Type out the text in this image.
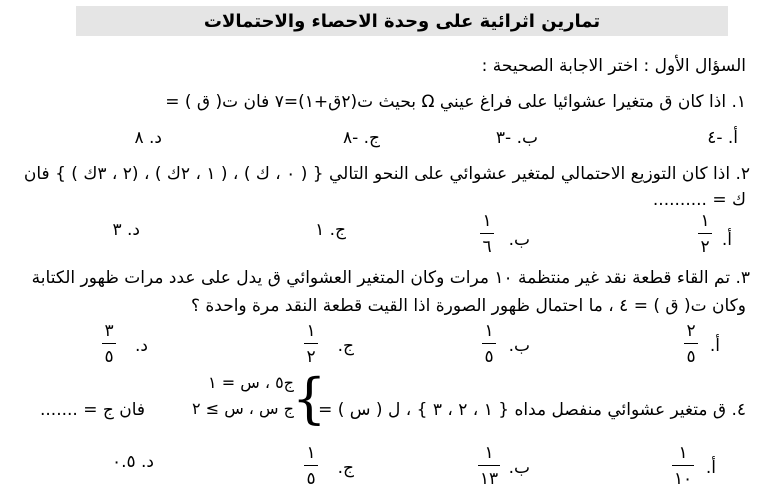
تمارين اثرائية على وحدة الاحصاء والاحتمالات
السؤال الأول : اختر الاجابة الصحيحة :
١. اذا كان ق متغيرا عشوائيا على فراغ عيني Ω بحيث ت(٢ق+١)=٧ فان ت( ق ) =
أ. -٤
ب. -٣
ج. -٨
د. ٨
٢. اذا كان التوزيع الاحتمالي لمتغير عشوائي على النحو التالي { ( ٠ ، ك ) ، ( ١ ، ٢ك ) ، (٢ ، ٣ك ) } فان
ك = ..........
أ.
١
٢
ب.
١
٦
ج. ١
د. ٣
٣. تم القاء قطعة نقد غير منتظمة ١٠ مرات وكان المتغير العشوائي ق يدل على عدد مرات ظهور الكتابة
وكان ت( ق ) = ٤ ، ما احتمال ظهور الصورة اذا القيت قطعة النقد مرة واحدة ؟
أ.
٢
٥
ب.
١
٥
ج.
١
٢
د.
٣
٥
٤. ق متغير عشوائي منفصل مداه { ١ ، ٢ ، ٣ } ، ل ( س ) =
{
ج٥ ، س = ١
ج س ، س ≥ ٢
فان ج = .......
أ.
١
١٠
ب.
١
١٣
ج.
١
٥
د. ٠.٥
